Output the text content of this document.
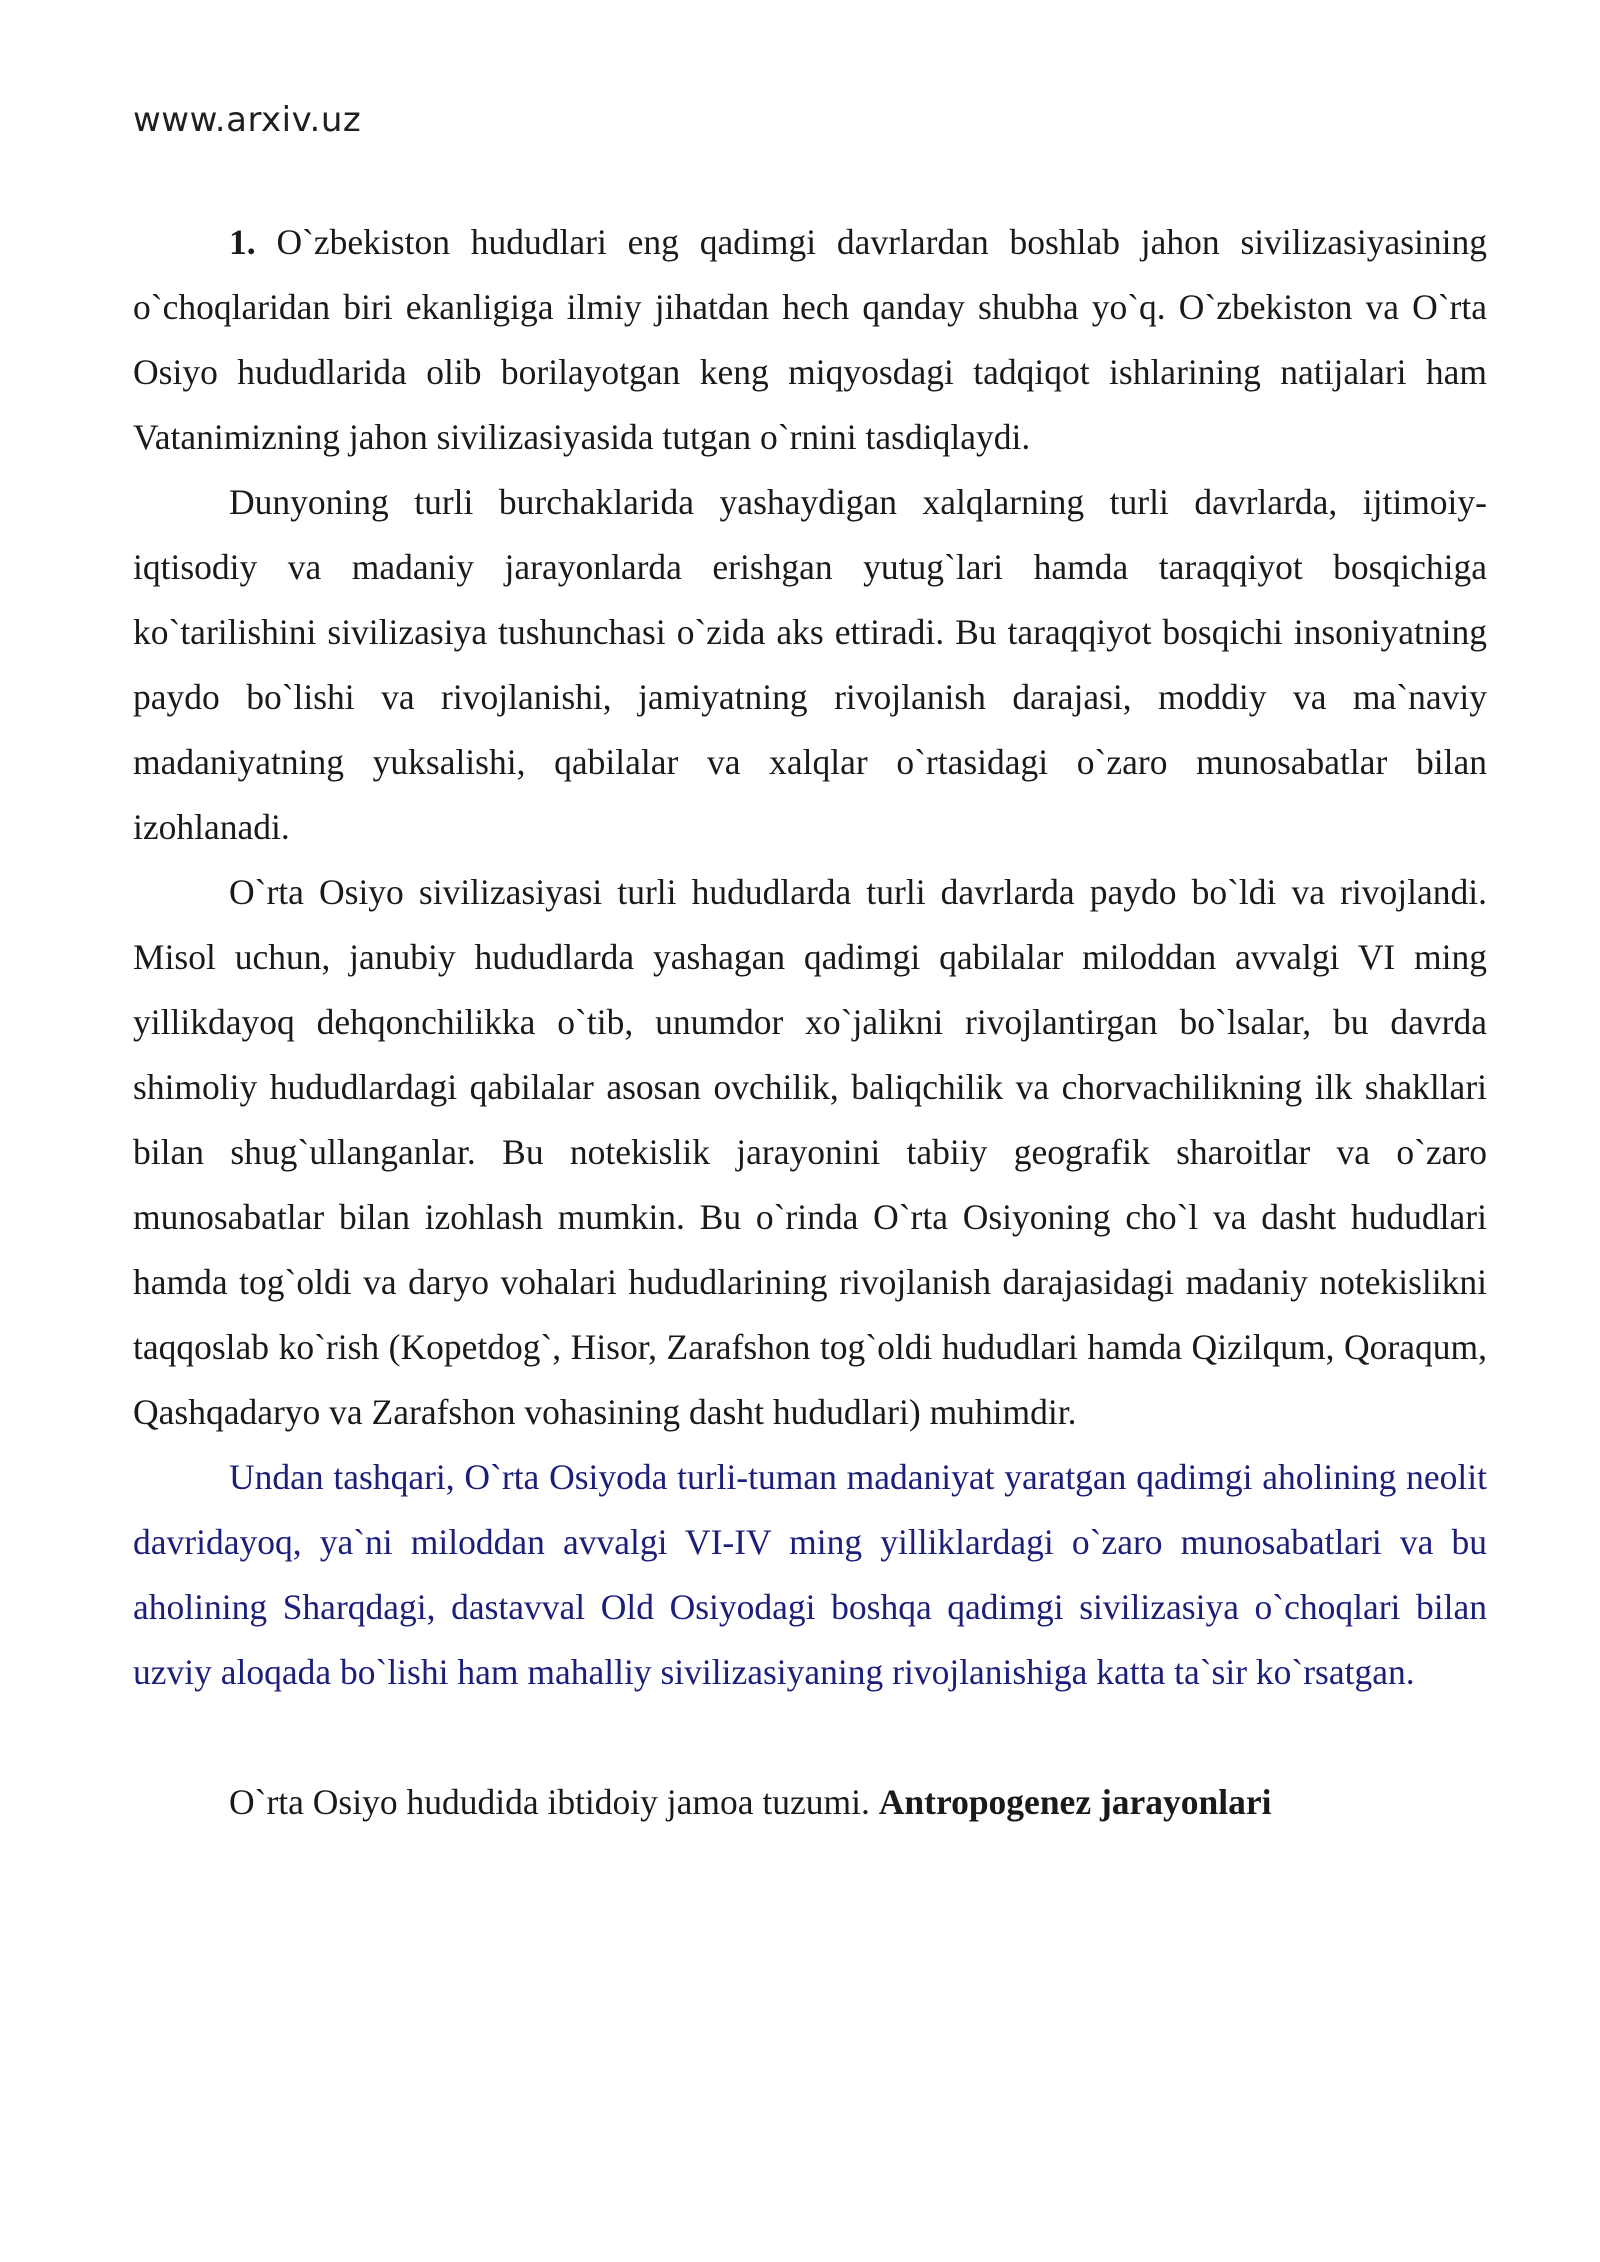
www.arxiv.uz

1. O`zbekiston hududlari eng qadimgi davrlardan boshlab jahon sivilizasiyasining o`choqlaridan biri ekanligiga ilmiy jihatdan hech qanday shubha yo`q. O`zbekiston va O`rta Osiyo hududlarida olib borilayotgan keng miqyosdagi tadqiqot ishlarining natijalari ham Vatanimizning jahon sivilizasiyasida tutgan o`rnini tasdiqlaydi.

Dunyoning turli burchaklarida yashaydigan xalqlarning turli davrlarda, ijtimoiy-iqtisodiy va madaniy jarayonlarda erishgan yutug`lari hamda taraqqiyot bosqichiga ko`tarilishini sivilizasiya tushunchasi o`zida aks ettiradi. Bu taraqqiyot bosqichi insoniyatning paydo bo`lishi va rivojlanishi, jamiyatning rivojlanish darajasi, moddiy va ma`naviy madaniyatning yuksalishi, qabilalar va xalqlar o`rtasidagi o`zaro munosabatlar bilan izohlanadi.

O`rta Osiyo sivilizasiyasi turli hududlarda turli davrlarda paydo bo`ldi va rivojlandi. Misol uchun, janubiy hududlarda yashagan qadimgi qabilalar miloddan avvalgi VI ming yillikdayoq dehqonchilikka o`tib, unumdor xo`jalikni rivojlantirgan bo`lsalar, bu davrda shimoliy hududlardagi qabilalar asosan ovchilik, baliqchilik va chorvachilikning ilk shakllari bilan shug`ullanganlar. Bu notekislik jarayonini tabiiy geografik sharoitlar va o`zaro munosabatlar bilan izohlash mumkin. Bu o`rinda O`rta Osiyoning cho`l va dasht hududlari hamda tog`oldi va daryo vohalari hududlarining rivojlanish darajasidagi madaniy notekislikni taqqoslab ko`rish (Kopetdog`, Hisor, Zarafshon tog`oldi hududlari hamda Qizilqum, Qoraqum, Qashqadaryo va Zarafshon vohasining dasht hududlari) muhimdir.

Undan tashqari, O`rta Osiyoda turli-tuman madaniyat yaratgan qadimgi aholining neolit davridayoq, ya`ni miloddan avvalgi VI-IV ming yilliklardagi o`zaro munosabatlari va bu aholining Sharqdagi, dastavval Old Osiyodagi boshqa qadimgi sivilizasiya o`choqlari bilan uzviy aloqada bo`lishi ham mahalliy sivilizasiyaning rivojlanishiga katta ta`sir ko`rsatgan.

O`rta Osiyo hududida ibtidoiy jamoa tuzumi. Antropogenez jarayonlari
